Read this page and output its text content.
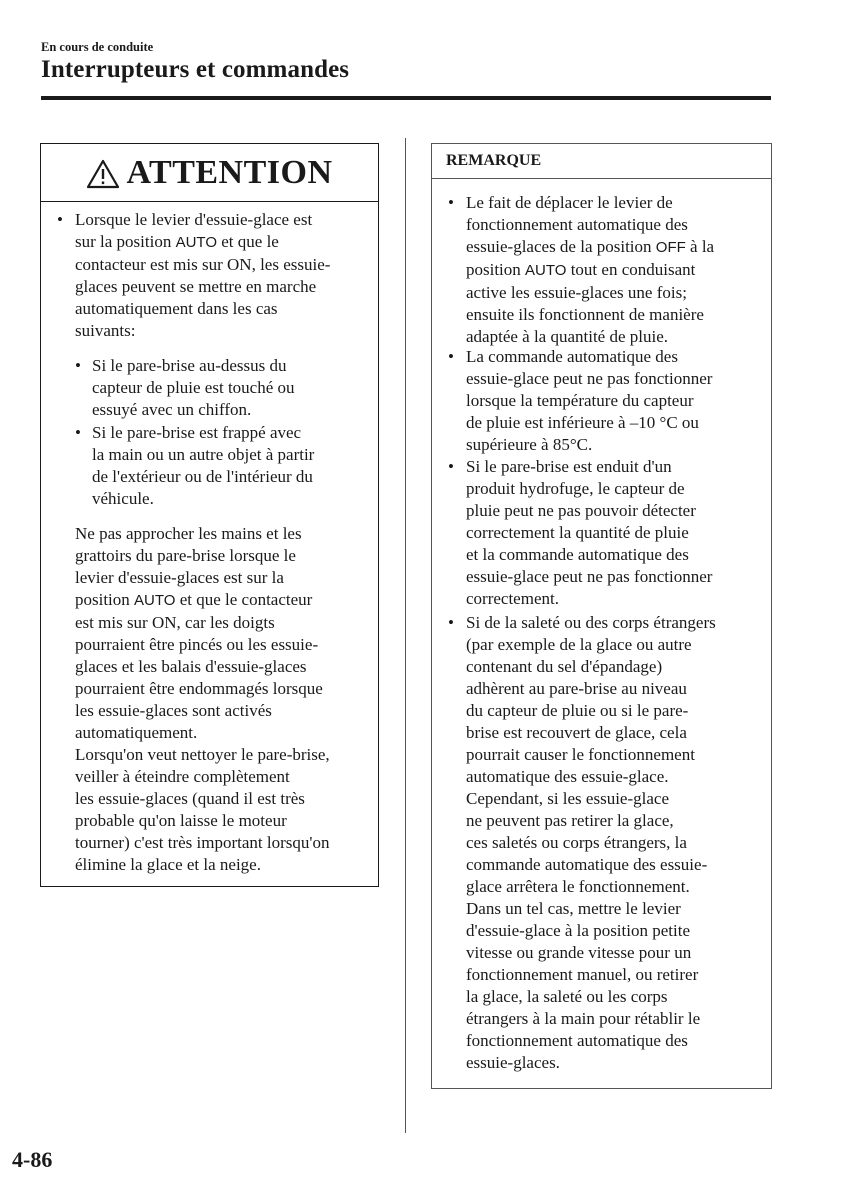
En cours de conduite
Interrupteurs et commandes
ATTENTION	REMARQUE
• Lorsque le levier d'essuie-glace est
sur la position AUTO et que le
contacteur est mis sur ON, les essuie-
glaces peuvent se mettre en marche
automatiquement dans les cas
suivants:
• Si le pare-brise au-dessus du
capteur de pluie est touché ou
essuyé avec un chiffon.
• Si le pare-brise est frappé avec
la main ou un autre objet à partir
de l'extérieur ou de l'intérieur du
véhicule.
Ne pas approcher les mains et les
grattoirs du pare-brise lorsque le
levier d'essuie-glaces est sur la
position AUTO et que le contacteur
est mis sur ON, car les doigts
pourraient être pincés ou les essuie-
glaces et les balais d'essuie-glaces
pourraient être endommagés lorsque
les essuie-glaces sont activés
automatiquement.
Lorsqu'on veut nettoyer le pare-brise,
veiller à éteindre complètement
les essuie-glaces (quand il est très
probable qu'on laisse le moteur
tourner) c'est très important lorsqu'on
élimine la glace et la neige.
• Le fait de déplacer le levier de
fonctionnement automatique des
essuie-glaces de la position OFF à la
position AUTO tout en conduisant
active les essuie-glaces une fois;
ensuite ils fonctionnent de manière
adaptée à la quantité de pluie.
• La commande automatique des
essuie-glace peut ne pas fonctionner
lorsque la température du capteur
de pluie est inférieure à –10 °C ou
supérieure à 85°C.
• Si le pare-brise est enduit d'un
produit hydrofuge, le capteur de
pluie peut ne pas pouvoir détecter
correctement la quantité de pluie
et la commande automatique des
essuie-glace peut ne pas fonctionner
correctement.
• Si de la saleté ou des corps étrangers
(par exemple de la glace ou autre
contenant du sel d'épandage)
adhèrent au pare-brise au niveau
du capteur de pluie ou si le pare-
brise est recouvert de glace, cela
pourrait causer le fonctionnement
automatique des essuie-glace.
Cependant, si les essuie-glace
ne peuvent pas retirer la glace,
ces saletés ou corps étrangers, la
commande automatique des essuie-
glace arrêtera le fonctionnement.
Dans un tel cas, mettre le levier
d'essuie-glace à la position petite
vitesse ou grande vitesse pour un
fonctionnement manuel, ou retirer
la glace, la saleté ou les corps
étrangers à la main pour rétablir le
fonctionnement automatique des
essuie-glaces.
4-86
